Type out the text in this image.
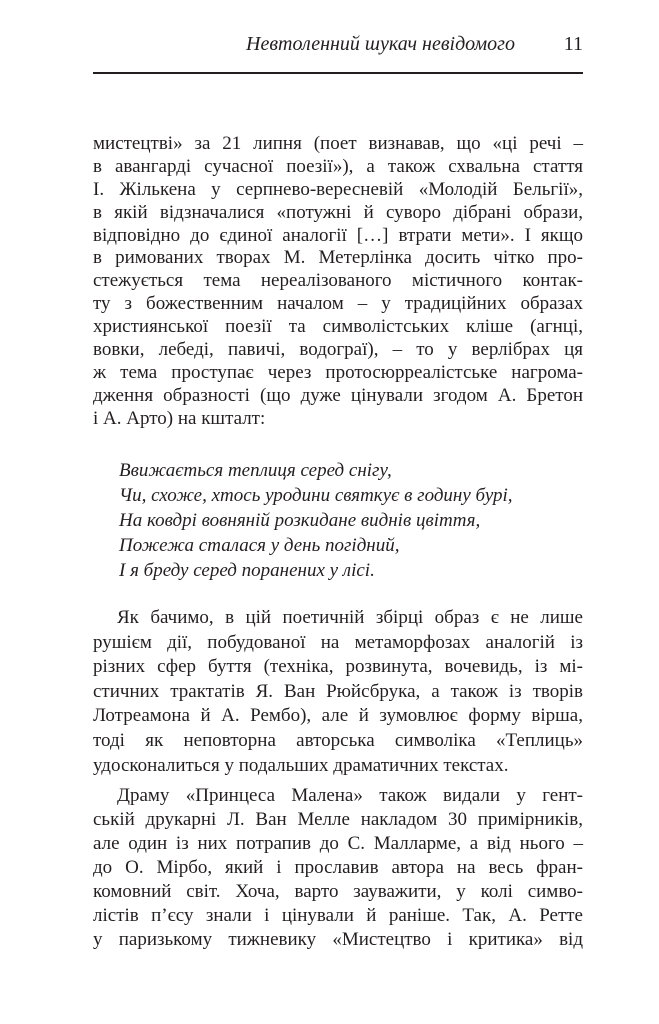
Невтоленний шукач невідомого 11
мистецтві» за 21 липня (поет визнавав, що «ці речі –
в авангарді сучасної поезії»), а також схвальна стаття
І. Жількена у серпнево-вересневій «Молодій Бельгії»,
в якій відзначалися «потужні й суворо дібрані образи,
відповідно до єдиної аналогії […] втрати мети». І якщо
в римованих творах М. Метерлінка досить чітко про-
стежується тема нереалізованого містичного контак-
ту з божественним началом – у традиційних образах
християнської поезії та символістських кліше (агнці,
вовки, лебеді, павичі, водограї), – то у верлібрах ця
ж тема проступає через протосюрреалістське нагрома-
дження образності (що дуже цінували згодом А. Бретон
і А. Арто) на кшталт:
Ввижається теплиця серед снігу,
Чи, схоже, хтось уродини святкує в годину бурі,
На ковдрі вовняній розкидане виднів цвіття,
Пожежа сталася у день погідний,
І я бреду серед поранених у лісі.
Як бачимо, в цій поетичній збірці образ є не лише
рушієм дії, побудованої на метаморфозах аналогій із
різних сфер буття (техніка, розвинута, вочевидь, із мі-
стичних трактатів Я. Ван Рюйсбрука, а також із творів
Лотреамона й А. Рембо), але й зумовлює форму вірша,
тоді як неповторна авторська символіка «Теплиць»
удосконалиться у подальших драматичних текстах.
Драму «Принцеса Малена» також видали у гент-
ській друкарні Л. Ван Мелле накладом 30 примірників,
але один із них потрапив до С. Малларме, а від нього –
до О. Мірбо, який і прославив автора на весь фран-
комовний світ. Хоча, варто зауважити, у колі симво-
лістів п’єсу знали і цінували й раніше. Так, А. Ретте
у паризькому тижневику «Мистецтво і критика» від
